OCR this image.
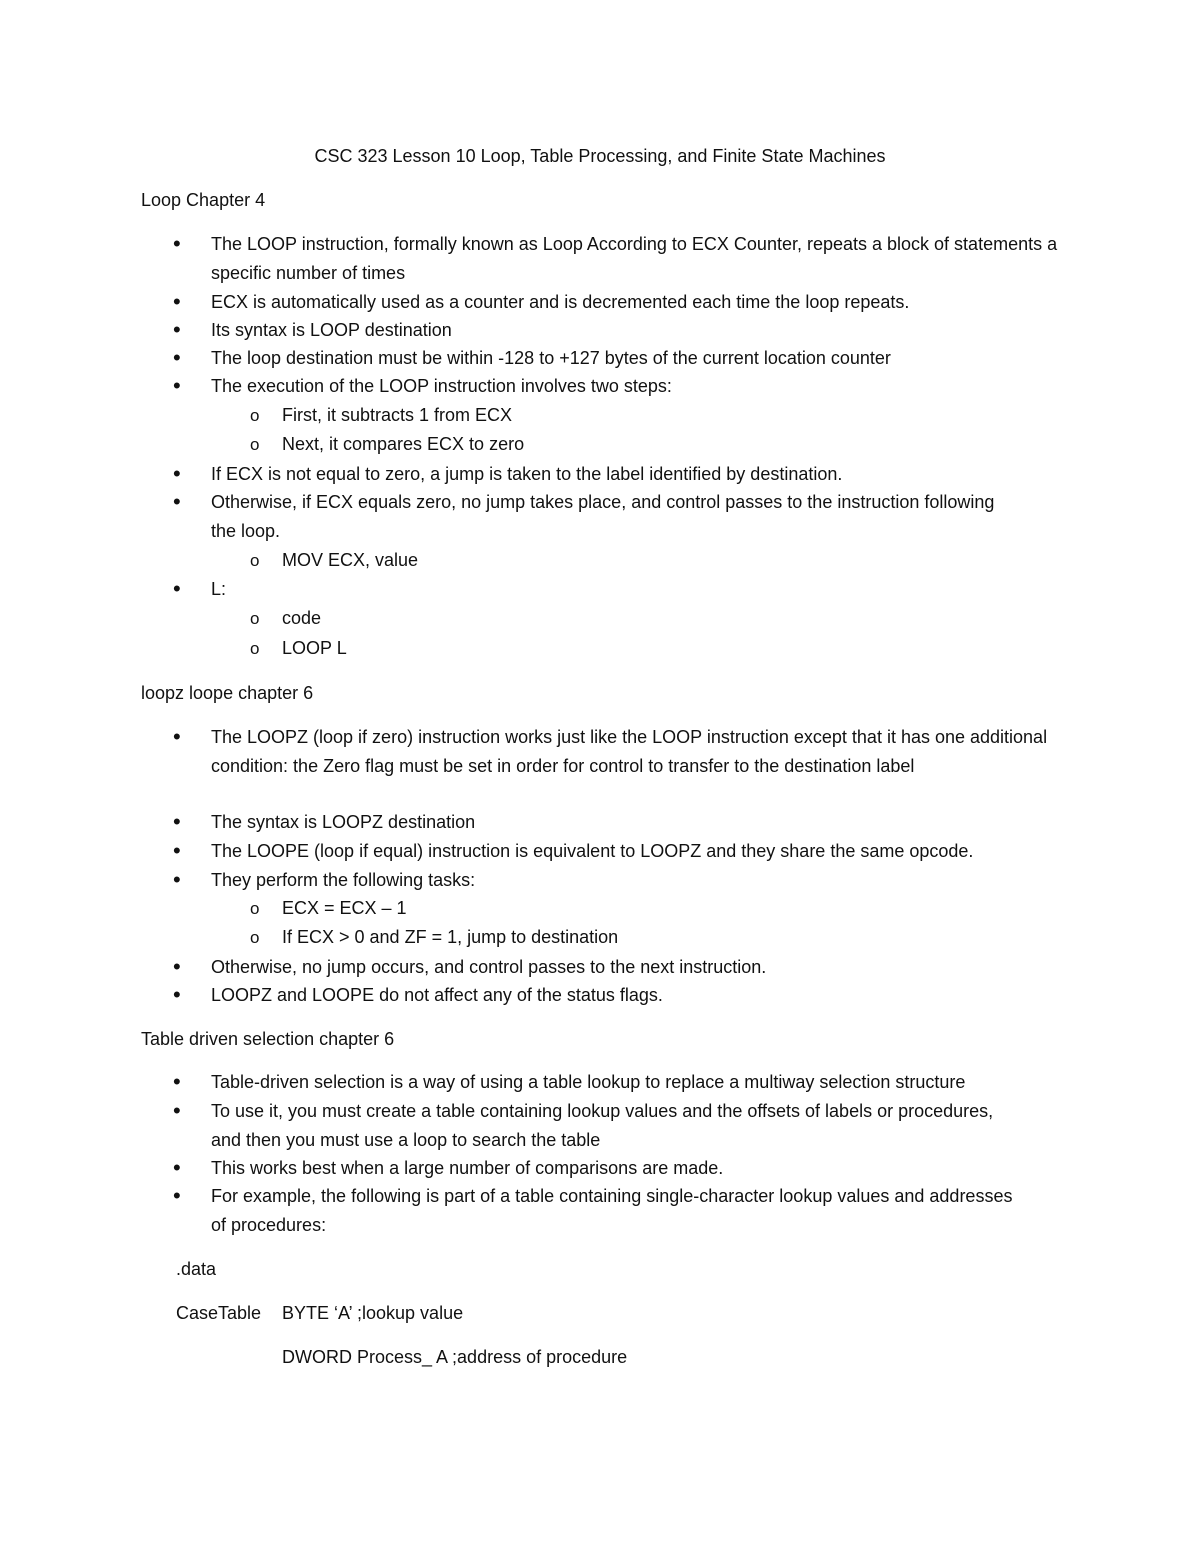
CSC 323 Lesson 10 Loop, Table Processing, and Finite State Machines
Loop Chapter 4
• The LOOP instruction, formally known as Loop According to ECX Counter, repeats a block of statements a specific number of times
• ECX is automatically used as a counter and is decremented each time the loop repeats.
• Its syntax is LOOP destination
• The loop destination must be within -128 to +127 bytes of the current location counter
• The execution of the LOOP instruction involves two steps:
o First, it subtracts 1 from ECX
o Next, it compares ECX to zero
• If ECX is not equal to zero, a jump is taken to the label identified by destination.
• Otherwise, if ECX equals zero, no jump takes place, and control passes to the instruction following the loop.
o MOV ECX, value
• L:
o code
o LOOP L
loopz loope chapter 6
• The LOOPZ (loop if zero) instruction works just like the LOOP instruction except that it has one additional condition: the Zero flag must be set in order for control to transfer to the destination label
• The syntax is LOOPZ destination
• The LOOPE (loop if equal) instruction is equivalent to LOOPZ and they share the same opcode.
• They perform the following tasks:
o ECX = ECX – 1
o If ECX > 0 and ZF = 1, jump to destination
• Otherwise, no jump occurs, and control passes to the next instruction.
• LOOPZ and LOOPE do not affect any of the status flags.
Table driven selection chapter 6
• Table-driven selection is a way of using a table lookup to replace a multiway selection structure
• To use it, you must create a table containing lookup values and the offsets of labels or procedures, and then you must use a loop to search the table
• This works best when a large number of comparisons are made.
• For example, the following is part of a table containing single-character lookup values and addresses of procedures:
.data
CaseTable BYTE ‘A’ ;lookup value
DWORD Process_ A ;address of procedure
